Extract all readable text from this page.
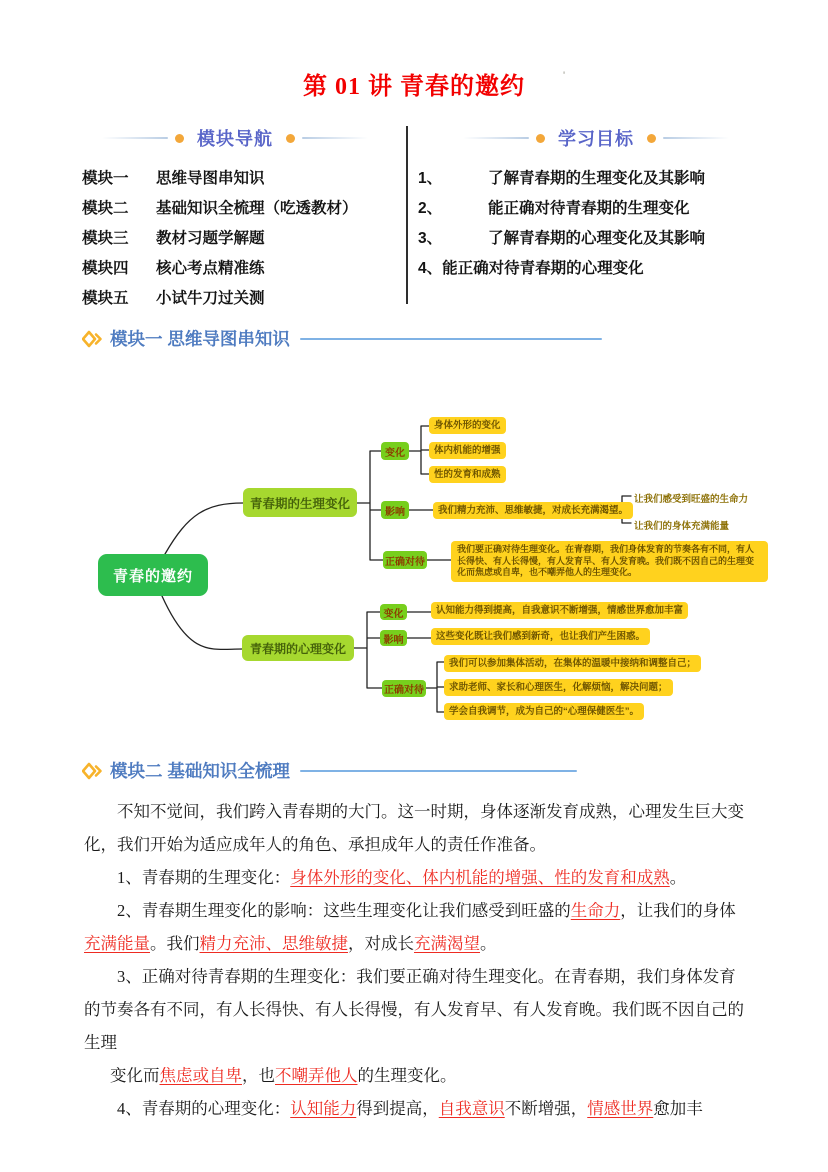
第 01 讲 青春的邀约	'
模块导航
模块一 思维导图串知识
模块二 基础知识全梳理（吃透教材）
模块三 教材习题学解题
模块四 核心考点精准练
模块五 小试牛刀过关测
学习目标
1、	了解青春期的生理变化及其影响
2、	能正确对待青春期的生理变化
3、	了解青春期的心理变化及其影响
4、 能正确对待青春期的心理变化
模块一 思维导图串知识
青春的邀约
青春期的生理变化
变化
身体外形的变化
体内机能的增强
性的发育和成熟
影响	我们精力充沛、思维敏捷，对成长充满渴望。
让我们感受到旺盛的生命力
让我们的身体充满能量
正确对待
我们要正确对待生理变化。在青春期，我们身体发育的节奏各有不同，有人长得快、有人长得慢，有人发育早、有人发育晚。我们既不因自己的生理变化而焦虑或自卑，也不嘲弄他人的生理变化。
青春期的心理变化
变化	认知能力得到提高，自我意识不断增强，情感世界愈加丰富
影响	这些变化既让我们感到新奇，也让我们产生困惑。
正确对待
我们可以参加集体活动，在集体的温暖中接纳和调整自己；
求助老师、家长和心理医生，化解烦恼，解决问题；
学会自我调节，成为自己的“心理保健医生”。
模块二 基础知识全梳理
不知不觉间，我们跨入青春期的大门。这一时期，身体逐渐发育成熟，心理发生巨大变
化，我们开始为适应成年人的角色、承担成年人的责任作准备。
1、青春期的生理变化：身体外形的变化、体内机能的增强、性的发育和成熟。
2、青春期生理变化的影响：这些生理变化让我们感受到旺盛的生命力，让我们的身体
充满能量。我们精力充沛、思维敏捷，对成长充满渴望。
3、正确对待青春期的生理变化：我们要正确对待生理变化。在青春期，我们身体发育
的节奏各有不同，有人长得快、有人长得慢，有人发育早、有人发育晚。我们既不因自己的
生理
变化而焦虑或自卑，也不嘲弄他人的生理变化。
4、青春期的心理变化：认知能力得到提高，自我意识不断增强，情感世界愈加丰
